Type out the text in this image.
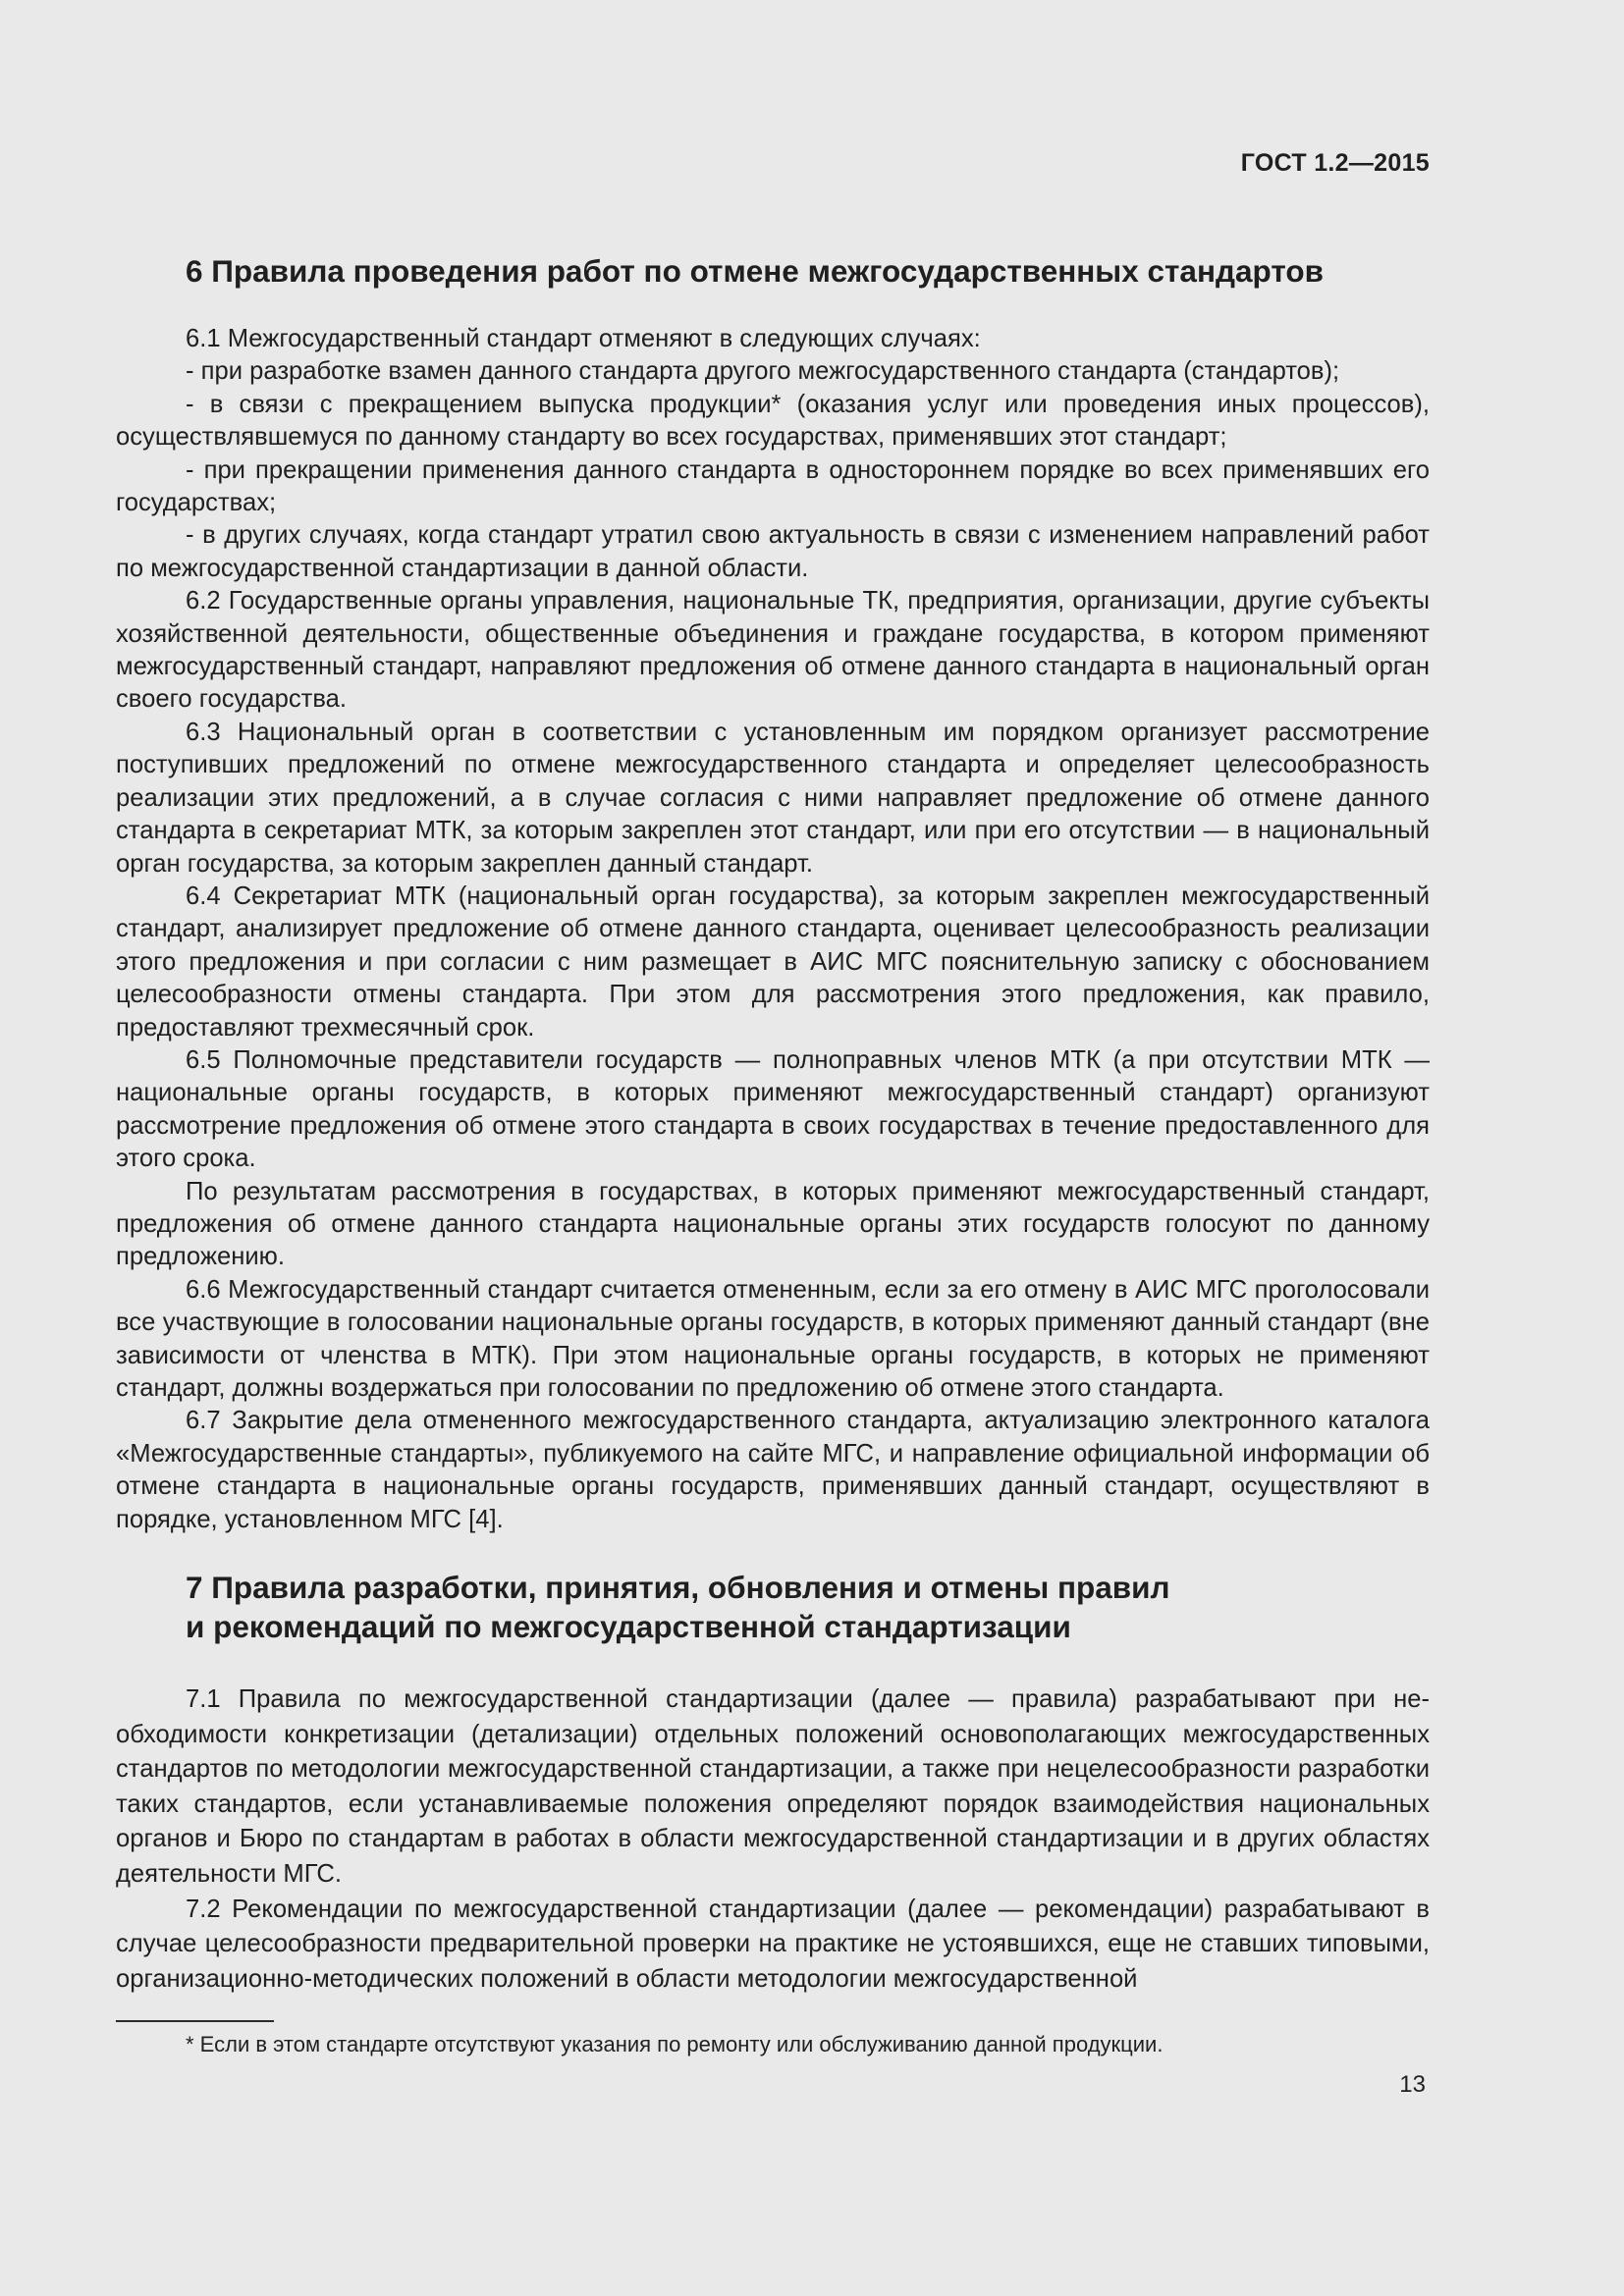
ГОСТ 1.2—2015
6 Правила проведения работ по отмене межгосударственных стандартов

6.1 Межгосударственный стандарт отменяют в следующих случаях:

- при разработке взамен данного стандарта другого межгосударственного стандарта (стандартов);

- в связи с прекращением выпуска продукции* (оказания услуг или проведения иных процессов), осуществлявшемуся по данному стандарту во всех государствах, применявших этот стандарт;

- при прекращении применения данного стандарта в одностороннем порядке во всех применявших его государствах;

- в других случаях, когда стандарт утратил свою актуальность в связи с изменением направлений работ по межгосударственной стандартизации в данной области.

6.2 Государственные органы управления, национальные ТК, предприятия, организации, другие субъекты хозяйственной деятельности, общественные объединения и граждане государства, в котором применяют межгосударственный стандарт, направляют предложения об отмене данного стандарта в национальный орган своего государства.

6.3 Национальный орган в соответствии с установленным им порядком организует рассмотрение поступивших предложений по отмене межгосударственного стандарта и определяет целесообразность реализации этих предложений, а в случае согласия с ними направляет предложение об отмене данного стандарта в секретариат МТК, за которым закреплен этот стандарт, или при его отсутствии — в национальный орган государства, за которым закреплен данный стандарт.

6.4 Секретариат МТК (национальный орган государства), за которым закреплен межгосударственный стандарт, анализирует предложение об отмене данного стандарта, оценивает целесообразность реализации этого предложения и при согласии с ним размещает в АИС МГС пояснительную записку с обоснованием целесообразности отмены стандарта. При этом для рассмотрения этого предложения, как правило, предоставляют трехмесячный срок.

6.5 Полномочные представители государств — полноправных членов МТК (а при отсутствии МТК — национальные органы государств, в которых применяют межгосударственный стандарт) организуют рассмотрение предложения об отмене этого стандарта в своих государствах в течение предоставленного для этого срока.

По результатам рассмотрения в государствах, в которых применяют межгосударственный стандарт, предложения об отмене данного стандарта национальные органы этих государств голосуют по данному предложению.

6.6 Межгосударственный стандарт считается отмененным, если за его отмену в АИС МГС проголосовали все участвующие в голосовании национальные органы государств, в которых применяют данный стандарт (вне зависимости от членства в МТК). При этом национальные органы государств, в которых не применяют стандарт, должны воздержаться при голосовании по предложению об отмене этого стандарта.

6.7 Закрытие дела отмененного межгосударственного стандарта, актуализацию электронного каталога «Межгосударственные стандарты», публикуемого на сайте МГС, и направление официальной информации об отмене стандарта в национальные органы государств, применявших данный стандарт, осуществляют в порядке, установленном МГС [4].

7 Правила разработки, принятия, обновления и отмены правил
и рекомендаций по межгосударственной стандартизации

7.1 Правила по межгосударственной стандартизации (далее — правила) разрабатывают при необходимости конкретизации (детализации) отдельных положений основополагающих межгосударственных стандартов по методологии межгосударственной стандартизации, а также при нецелесообразности разработки таких стандартов, если устанавливаемые положения определяют порядок взаимодействия национальных органов и Бюро по стандартам в работах в области межгосударственной стандартизации и в других областях деятельности МГС.

7.2 Рекомендации по межгосударственной стандартизации (далее — рекомендации) разрабатывают в случае целесообразности предварительной проверки на практике не устоявшихся, еще не ставших типовыми, организационно-методических положений в области методологии межгосударственной

* Если в этом стандарте отсутствуют указания по ремонту или обслуживанию данной продукции.
13
